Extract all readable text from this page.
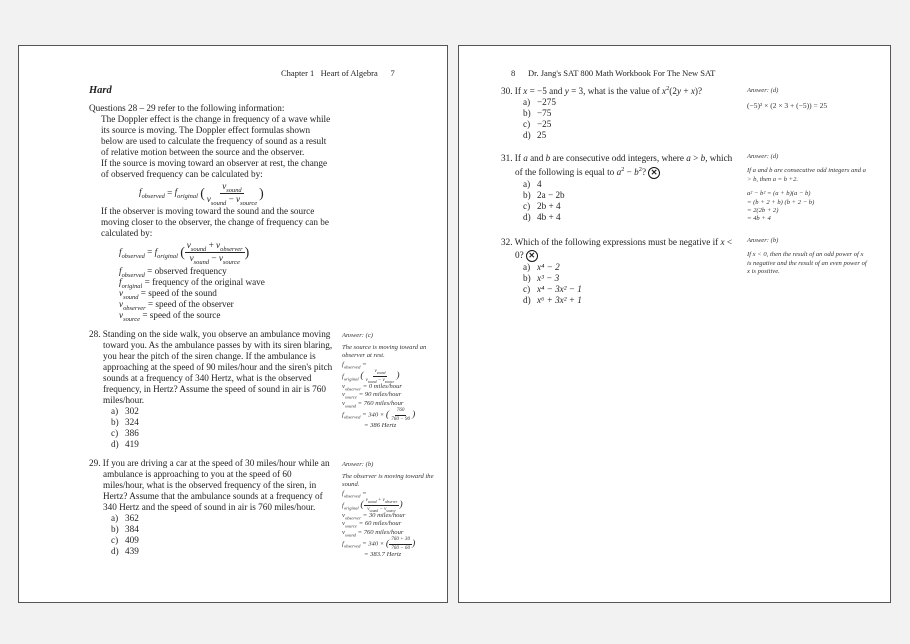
Chapter 1   Heart of Algebra      7
Hard
Questions 28 – 29 refer to the following information:
The Doppler effect is the change in frequency of a wave while its source is moving. The Doppler effect formulas shown below are used to calculate the frequency of sound as a result of relative motion between the source and the observer.
If the source is moving toward an observer at rest, the change of observed frequency can be calculated by:
$f_{observed} = f_{original}$ ( $\frac{v_{sound}}{v_{sound} - v_{source}}$ )
If the observer is moving toward the sound and the source moving closer to the observer, the change of frequency can be calculated by:
$f_{observed} = f_{original}$ ( $\frac{v_{sound} + v_{observer}}{v_{sound} - v_{source}}$ )
$f_{observed}$ = observed frequency
$f_{original}$ = frequency of the original wave
$v_{sound}$ = speed of the sound
$v_{observer}$ = speed of the observer
$v_{source}$ = speed of the source
28. Standing on the side walk, you observe an ambulance moving toward you. As the ambulance passes by with its siren blaring, you hear the pitch of the siren change. If the ambulance is approaching at the speed of 90 miles/hour and the siren's pitch sounds at a frequency of 340 Hertz, what is the observed frequency, in Hertz? Assume the speed of sound in air is 760 miles/hour.
a) 302
b) 324
c) 386
d) 419
Answer: (c)
The source is moving toward an observer at rest.
$f_{observed}$ =
$f_{original}$ ( $\frac{v_{sound}}{v_{sound} - v_{source}}$ )
$v_{observer} = 0$ miles/hour
$v_{source} = 90$ miles/hour
$v_{sound} = 760$ miles/hour
$f_{observed} = 340$ × ( $\frac{760}{760 - 90}$ )
= 386 Hertz
29. If you are driving a car at the speed of 30 miles/hour while an ambulance is approaching to you at the speed of 60 miles/hour, what is the observed frequency of the siren, in Hertz? Assume that the ambulance sounds at a frequency of 340 Hertz and the speed of sound in air is 760 miles/hour.
a) 362
b) 384
c) 409
d) 439
Answer: (b)
The observer is moving toward the sound.
$f_{observed}$ =
$f_{original}$ ( $\frac{v_{sound} + v_{observer}}{v_{sound} - v_{source}}$ )
$v_{observer} = 30$ miles/hour
$v_{source} = 60$ miles/hour
$v_{sound} = 760$ miles/hour
$f_{observed} = 340$ × ( $\frac{760 + 30}{760 - 60}$ )
= 383.7 Hertz
8      Dr. Jang's SAT 800 Math Workbook For The New SAT
30. If x = −5 and y = 3, what is the value of $x^2(2y + x)$?
a) −275
b) −75
c) −25
d) 25
Answer: (d)
(−5)² × (2 × 3 + (−5)) = 25
31. If a and b are consecutive odd integers, where a > b, which of the following is equal to $a^2 - b^2$? ✕
a) 4
b) 2a − 2b
c) 2b + 4
d) 4b + 4
Answer: (d)
If a and b are consecutive odd integers and a > b, then a = b +2.
a² − b² = (a + b)(a − b)
= (b + 2 + b) (b + 2 − b)
= 2(2b + 2)
= 4b + 4
32. Which of the following expressions must be negative if x < 0? ✕
a) x⁴ − 2
b) x³ − 3
c) x⁴ − 3x² − 1
d) x⁶ + 3x² + 1
Answer: (b)
If x < 0, then the result of an odd power of x is negative and the result of an even power of x is positive.
